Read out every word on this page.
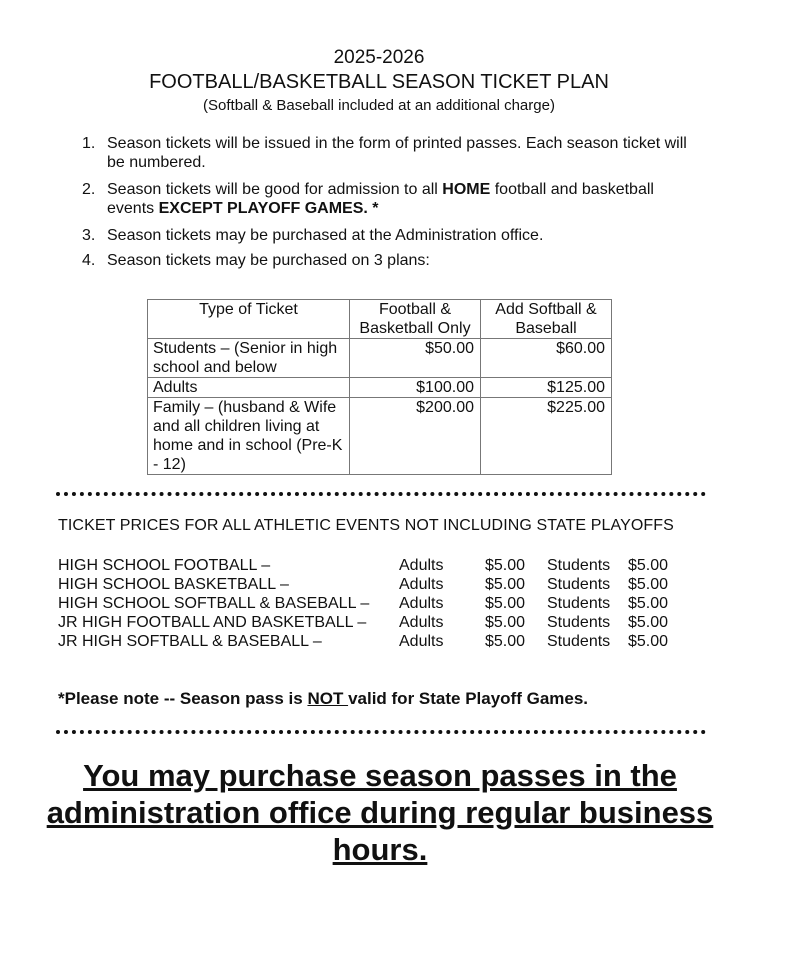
2025-2026
FOOTBALL/BASKETBALL SEASON TICKET PLAN
(Softball & Baseball included at an additional charge)
1. Season tickets will be issued in the form of printed passes. Each season ticket will be numbered.
2. Season tickets will be good for admission to all HOME football and basketball events EXCEPT PLAYOFF GAMES. *
3. Season tickets may be purchased at the Administration office.
4. Season tickets may be purchased on 3 plans:
Type of Ticket	Football & Basketball Only	Add Softball & Baseball
Students – (Senior in high school and below	$50.00	$60.00
Adults	$100.00	$125.00
Family – (husband & Wife and all children living at home and in school (Pre-K - 12)	$200.00	$225.00
TICKET PRICES FOR ALL ATHLETIC EVENTS NOT INCLUDING STATE PLAYOFFS
HIGH SCHOOL FOOTBALL –	Adults	$5.00 Students $5.00
HIGH SCHOOL BASKETBALL –	Adults	$5.00 Students $5.00
HIGH SCHOOL SOFTBALL & BASEBALL – Adults	$5.00 Students $5.00
JR HIGH FOOTBALL AND BASKETBALL – Adults	$5.00 Students $5.00
JR HIGH SOFTBALL & BASEBALL –	Adults	$5.00 Students $5.00
*Please note -- Season pass is NOT valid for State Playoff Games.
You may purchase season passes in the administration office during regular business hours.
